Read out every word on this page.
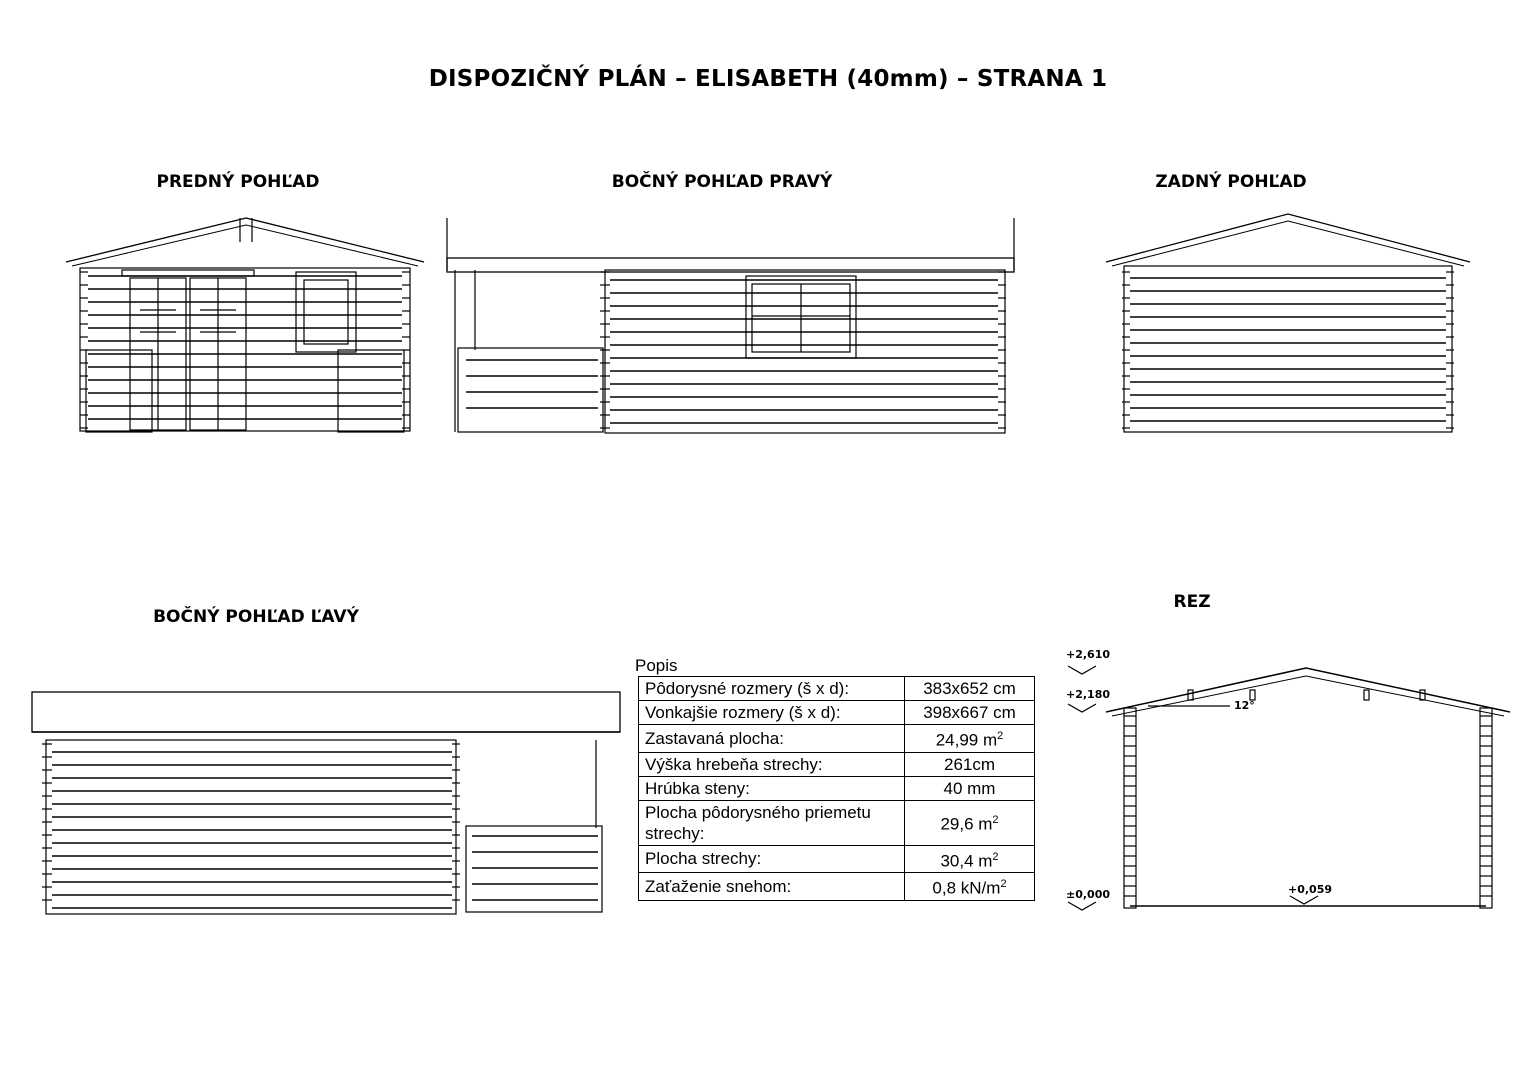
DISPOZIČNÝ PLÁN – ELISABETH (40mm) – STRANA 1
PREDNÝ POHĽAD	BOČNÝ POHĽAD PRAVÝ	ZADNÝ POHĽAD
BOČNÝ POHĽAD ĽAVÝ
REZ
Popis
Pôdorysné rozmery (š x d):	383x652 cm
Vonkajšie rozmery (š x d):	398x667 cm
Zastavaná plocha:	24,99 $m^2$
Výška hrebeňa strechy:	261cm
Hrúbka steny:	40 mm
Plocha pôdorysného priemetu strechy:	29,6 $m^2$
Plocha strechy:	30,4 $m^2$
Zaťaženie snehom:	0,8 $kN/m^2$
+2,610
+2,180
±0,000	+0,059
12°
